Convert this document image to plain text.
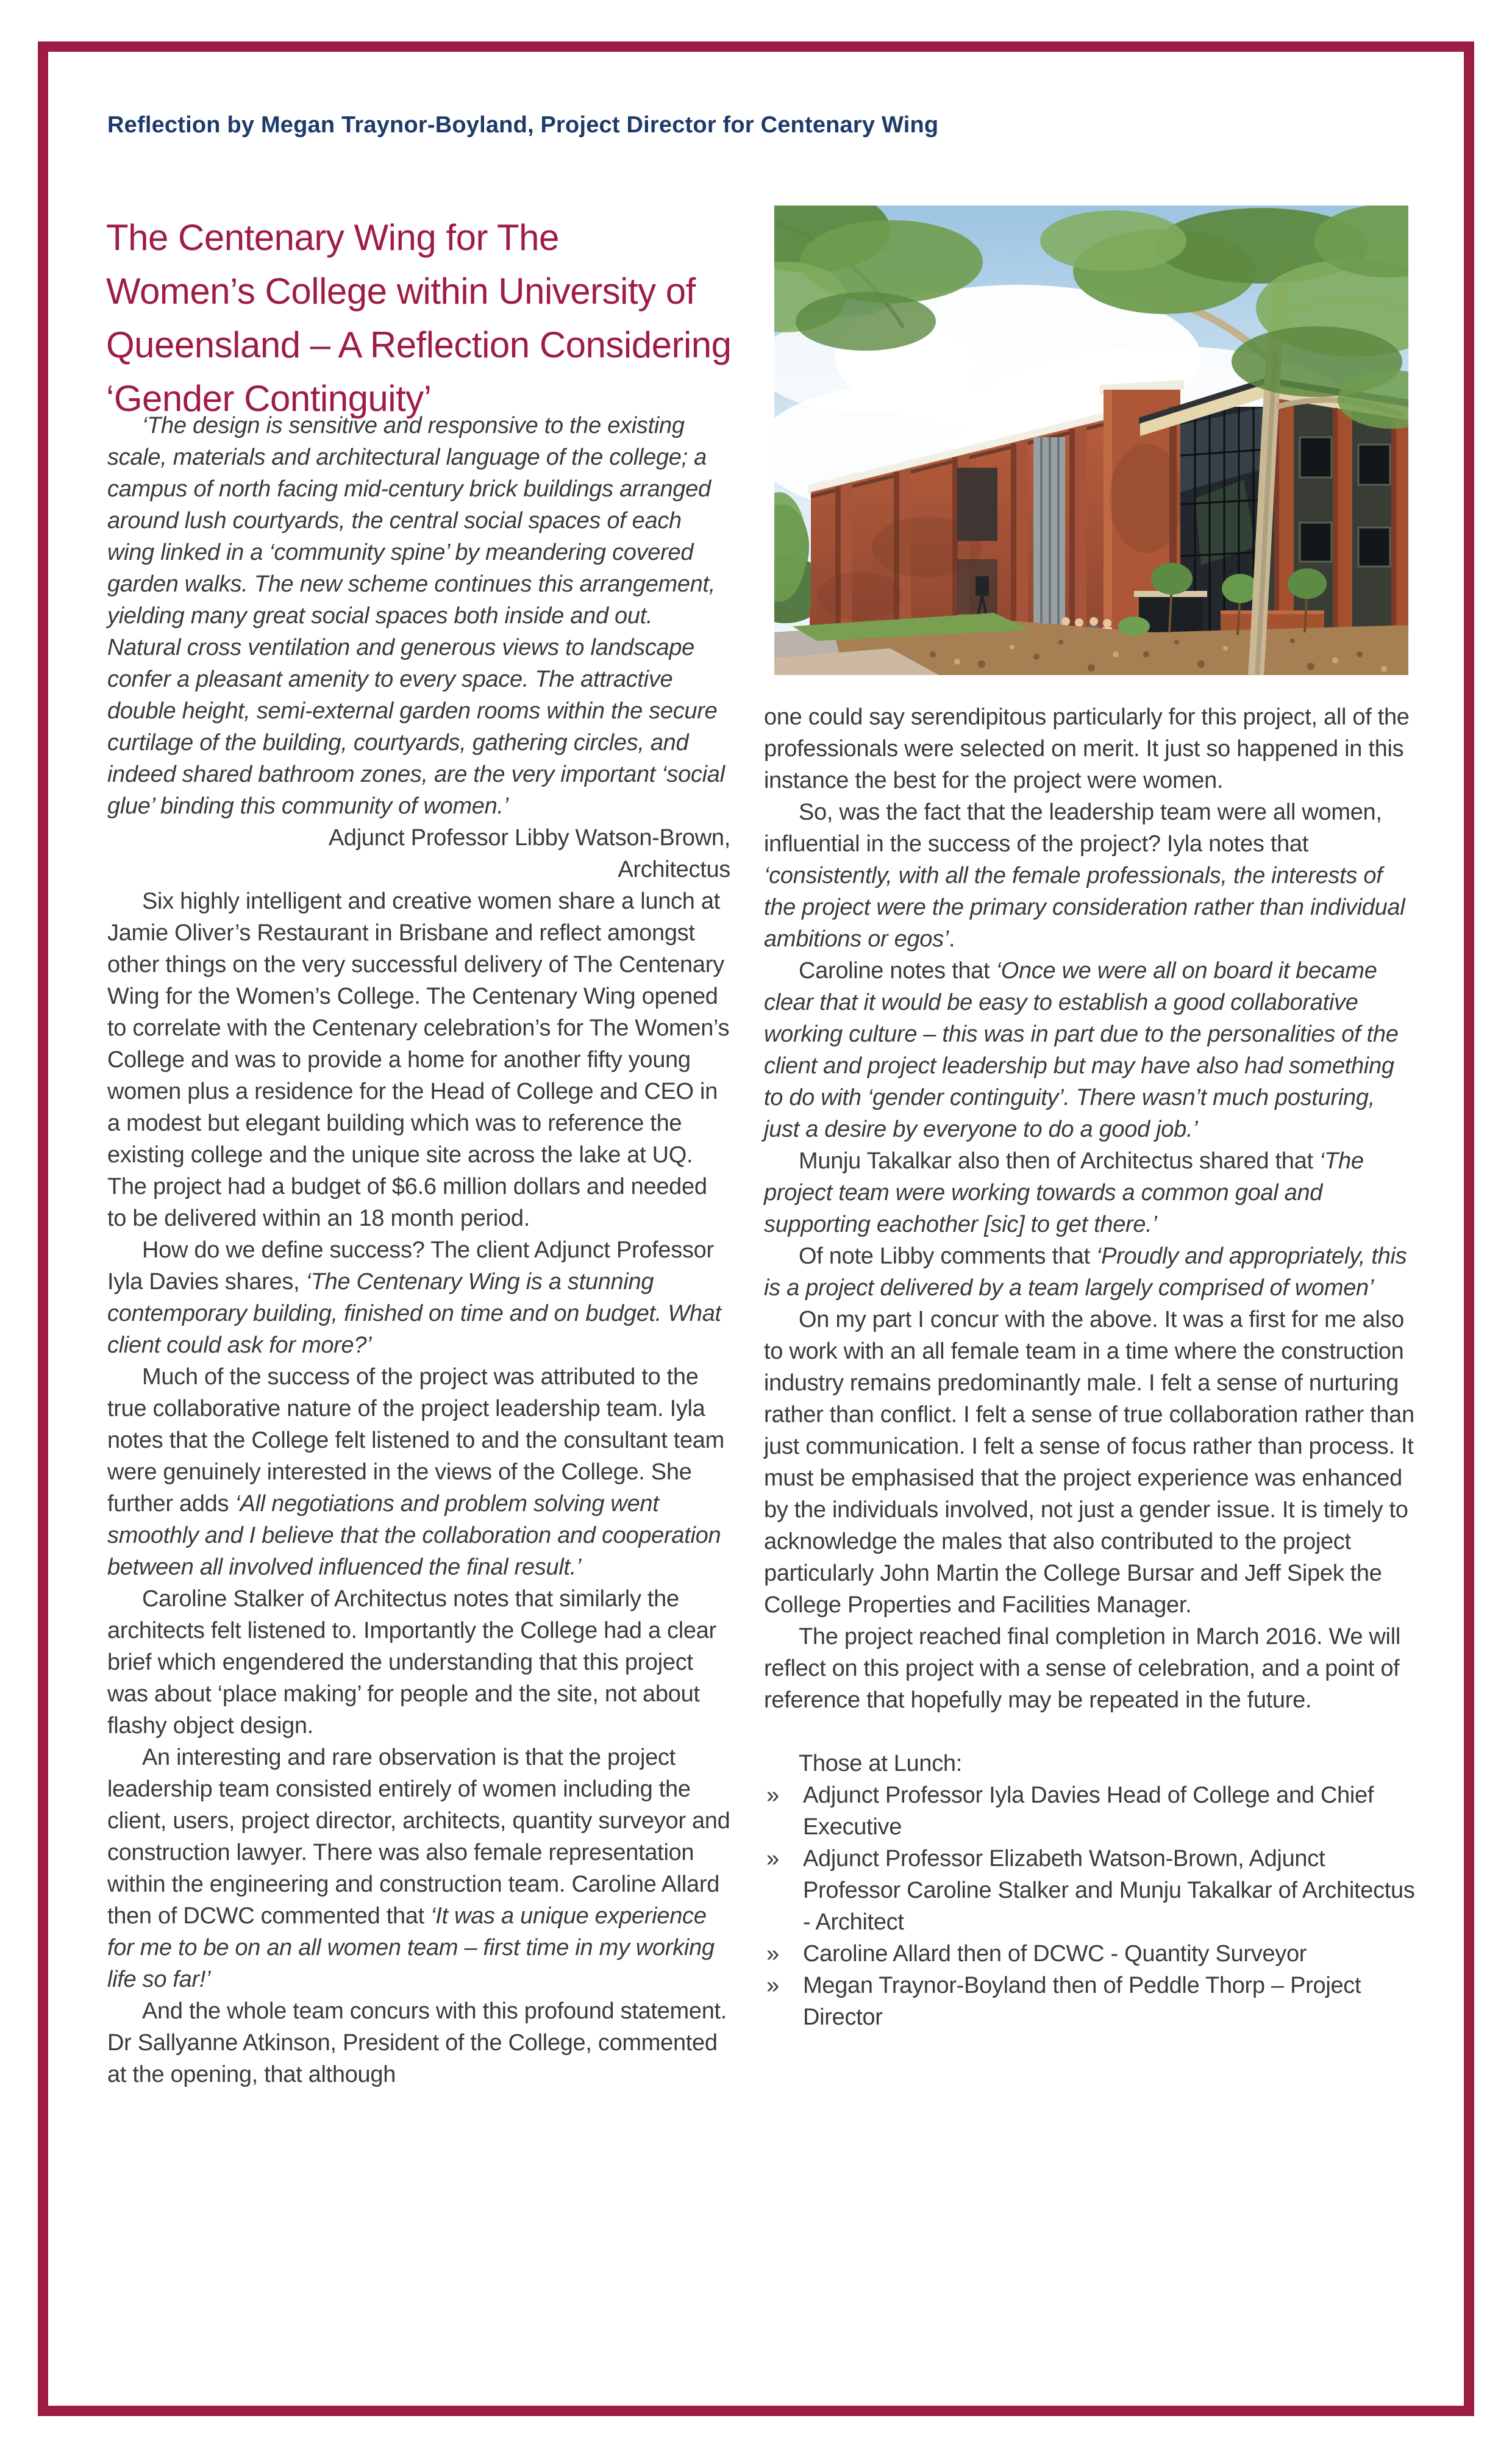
Reflection by Megan Traynor-Boyland, Project Director for Centenary Wing
The Centenary Wing for The
Women’s College within University of
Queensland – A Reflection Considering
‘Gender Continguity’

‘The design is sensitive and responsive to the existing scale, materials and architectural language of the college; a campus of north facing mid-century brick buildings arranged around lush courtyards, the central social spaces of each wing linked in a ‘community spine’ by meandering covered garden walks. The new scheme continues this arrangement, yielding many great social spaces both inside and out. Natural cross ventilation and generous views to landscape confer a pleasant amenity to every space. The attractive double height, semi-external garden rooms within the secure curtilage of the building, courtyards, gathering circles, and indeed shared bathroom zones, are the very important ‘social glue’ binding this community of women.’

Adjunct Professor Libby Watson-Brown,
Architectus

Six highly intelligent and creative women share a lunch at Jamie Oliver’s Restaurant in Brisbane and reflect amongst other things on the very successful delivery of The Centenary Wing for the Women’s College. The Centenary Wing opened to correlate with the Centenary celebration’s for The Women’s College and was to provide a home for another fifty young women plus a residence for the Head of College and CEO in a modest but elegant building which was to reference the existing college and the unique site across the lake at UQ. The project had a budget of $6.6 million dollars and needed to be delivered within an 18 month period.

How do we define success? The client Adjunct Professor Iyla Davies shares, ‘The Centenary Wing is a stunning contemporary building, finished on time and on budget. What client could ask for more?’

Much of the success of the project was attributed to the true collaborative nature of the project leadership team. Iyla notes that the College felt listened to and the consultant team were genuinely interested in the views of the College. She further adds ‘All negotiations and problem solving went smoothly and I believe that the collaboration and cooperation between all involved influenced the final result.’

Caroline Stalker of Architectus notes that similarly the architects felt listened to. Importantly the College had a clear brief which engendered the understanding that this project was about ‘place making’ for people and the site, not about flashy object design.

An interesting and rare observation is that the project leadership team consisted entirely of women including the client, users, project director, architects, quantity surveyor and construction lawyer. There was also female representation within the engineering and construction team. Caroline Allard then of DCWC commented that ‘It was a unique experience for me to be on an all women team – first time in my working life so far!’

And the whole team concurs with this profound statement. Dr Sallyanne Atkinson, President of the College, commented at the opening, that although

one could say serendipitous particularly for this project, all of the professionals were selected on merit. It just so happened in this instance the best for the project were women.

So, was the fact that the leadership team were all women, influential in the success of the project? Iyla notes that ‘consistently, with all the female professionals, the interests of the project were the primary consideration rather than individual ambitions or egos’.

Caroline notes that ‘Once we were all on board it became clear that it would be easy to establish a good collaborative working culture – this was in part due to the personalities of the client and project leadership but may have also had something to do with ‘gender continguity’. There wasn’t much posturing, just a desire by everyone to do a good job.’

Munju Takalkar also then of Architectus shared that ‘The project team were working towards a common goal and supporting eachother [sic] to get there.’

Of note Libby comments that ‘Proudly and appropriately, this is a project delivered by a team largely comprised of women’

On my part I concur with the above. It was a first for me also to work with an all female team in a time where the construction industry remains predominantly male. I felt a sense of nurturing rather than conflict. I felt a sense of true collaboration rather than just communication. I felt a sense of focus rather than process. It must be emphasised that the project experience was enhanced by the individuals involved, not just a gender issue. It is timely to acknowledge the males that also contributed to the project particularly John Martin the College Bursar and Jeff Sipek the College Properties and Facilities Manager.

The project reached final completion in March 2016. We will reflect on this project with a sense of celebration, and a point of reference that hopefully may be repeated in the future.

Those at Lunch:

» Adjunct Professor Iyla Davies Head of College and Chief Executive

» Adjunct Professor Elizabeth Watson-Brown, Adjunct Professor Caroline Stalker and Munju Takalkar of Architectus - Architect

» Caroline Allard then of DCWC - Quantity Surveyor

» Megan Traynor-Boyland then of Peddle Thorp – Project Director
